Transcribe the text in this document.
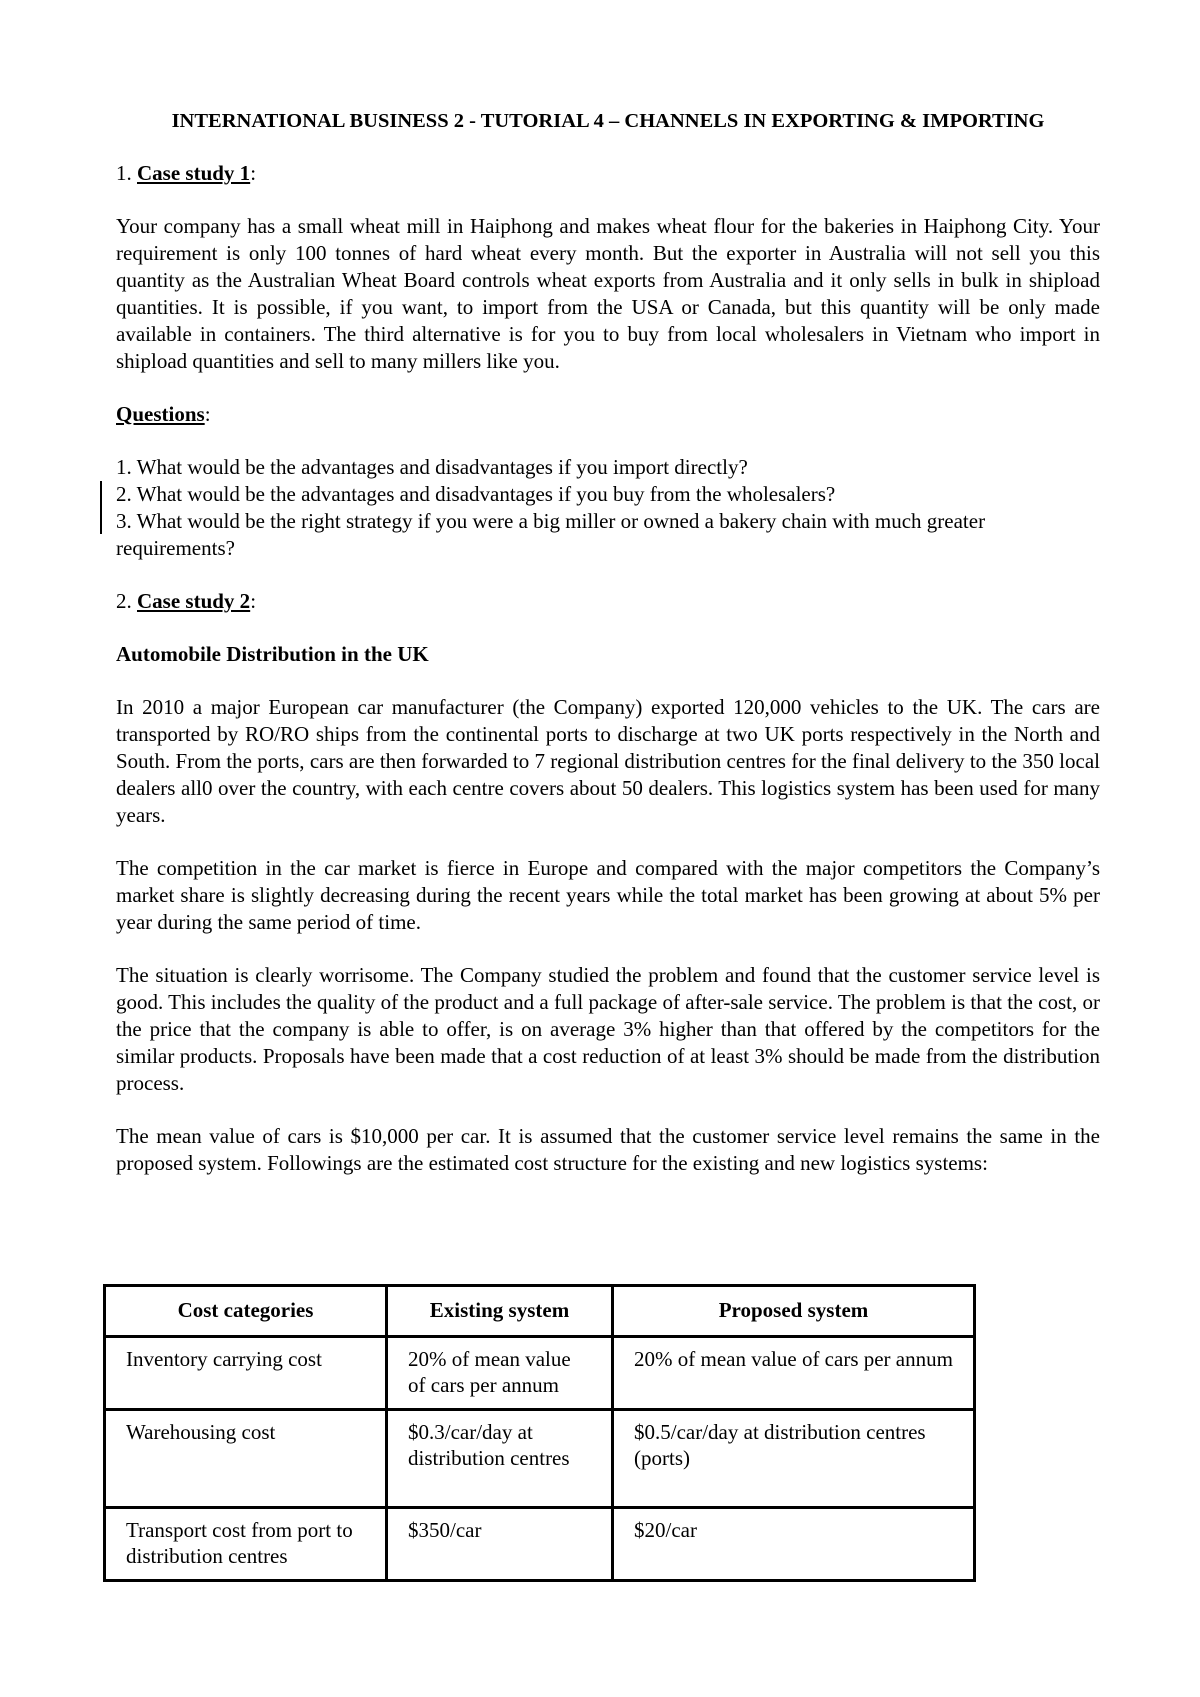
INTERNATIONAL BUSINESS 2 - TUTORIAL 4 – CHANNELS IN EXPORTING & IMPORTING

1. Case study 1:

Your company has a small wheat mill in Haiphong and makes wheat flour for the bakeries in Haiphong City. Your requirement is only 100 tonnes of hard wheat every month. But the exporter in Australia will not sell you this quantity as the Australian Wheat Board controls wheat exports from Australia and it only sells in bulk in shipload quantities. It is possible, if you want, to import from the USA or Canada, but this quantity will be only made available in containers. The third alternative is for you to buy from local wholesalers in Vietnam who import in shipload quantities and sell to many millers like you.

Questions:

1. What would be the advantages and disadvantages if you import directly?

2. What would be the advantages and disadvantages if you buy from the wholesalers?

3. What would be the right strategy if you were a big miller or owned a bakery chain with much greater requirements?

2. Case study 2:

Automobile Distribution in the UK

In 2010 a major European car manufacturer (the Company) exported 120,000 vehicles to the UK. The cars are transported by RO/RO ships from the continental ports to discharge at two UK ports respectively in the North and South. From the ports, cars are then forwarded to 7 regional distribution centres for the final delivery to the 350 local dealers all0 over the country, with each centre covers about 50 dealers. This logistics system has been used for many years.

The competition in the car market is fierce in Europe and compared with the major competitors the Company’s market share is slightly decreasing during the recent years while the total market has been growing at about 5% per year during the same period of time.

The situation is clearly worrisome. The Company studied the problem and found that the customer service level is good. This includes the quality of the product and a full package of after-sale service. The problem is that the cost, or the price that the company is able to offer, is on average 3% higher than that offered by the competitors for the similar products. Proposals have been made that a cost reduction of at least 3% should be made from the distribution process.

The mean value of cars is $10,000 per car. It is assumed that the customer service level remains the same in the proposed system. Followings are the estimated cost structure for the existing and new logistics systems:

Cost categories	Existing system	Proposed system
Inventory carrying cost	20% of mean value of cars per annum	20% of mean value of cars per annum
Warehousing cost	$0.3/car/day at distribution centres	$0.5/car/day at distribution centres (ports)
Transport cost from port to distribution centres	$350/car	$20/car
